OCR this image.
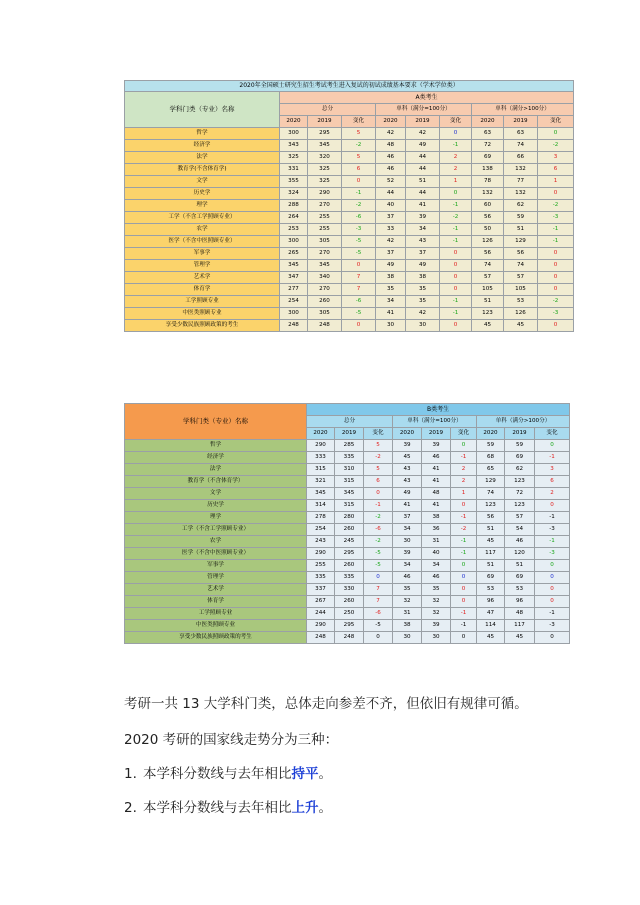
2020年全国硕士研究生招生考试考生进入复试的初试成绩基本要求（学术学位类）									
学科门类（专业）名称	A类考生								
	总分			单科（满分=100分）			单科（满分>100分）		
	2020	2019	变化	2020	2019	变化	2020	2019	变化
哲学	300	295	5	42	42	0	63	63	0
经济学	343	345	-2	48	49	-1	72	74	-2
法学	325	320	5	46	44	2	69	66	3
教育学(不含体育学)	331	325	6	46	44	2	138	132	6
文学	355	325	0	52	51	1	78	77	1
历史学	324	290	-1	44	44	0	132	132	0
理学	288	270	-2	40	41	-1	60	62	-2
工学（不含工学照顾专业）	264	255	-6	37	39	-2	56	59	-3
农学	253	255	-3	33	34	-1	50	51	-1
医学（不含中医照顾专业）	300	305	-5	42	43	-1	126	129	-1
军事学	265	270	-5	37	37	0	56	56	0
管理学	345	345	0	49	49	0	74	74	0
艺术学	347	340	7	38	38	0	57	57	0
体育学	277	270	7	35	35	0	105	105	0
工学照顾专业	254	260	-6	34	35	-1	51	53	-2
中医类照顾专业	300	305	-5	41	42	-1	123	126	-3
享受少数民族照顾政策的考生	248	248	0	30	30	0	45	45	0
学科门类（专业）名称	B类考生								
	总分			单科（满分=100分）			单科（满分>100分）		
	2020	2019	变化	2020	2019	变化	2020	2019	变化
哲学	290	285	5	39	39	0	59	59	0
经济学	333	335	-2	45	46	-1	68	69	-1
法学	315	310	5	43	41	2	65	62	3
教育学（不含体育学）	321	315	6	43	41	2	129	123	6
文学	345	345	0	49	48	1	74	72	2
历史学	314	315	-1	41	41	0	123	123	0
理学	278	280	-2	37	38	-1	56	57	-1
工学（不含工学照顾专业）	254	260	-6	34	36	-2	51	54	-3
农学	243	245	-2	30	31	-1	45	46	-1
医学（不含中医照顾专业）	290	295	-5	39	40	-1	117	120	-3
军事学	255	260	-5	34	34	0	51	51	0
管理学	335	335	0	46	46	0	69	69	0
艺术学	337	330	7	35	35	0	53	53	0
体育学	267	260	7	32	32	0	96	96	0
工学照顾专业	244	250	-6	31	32	-1	47	48	-1
中医类照顾专业	290	295	-5	38	39	-1	114	117	-3
享受少数民族照顾政策的考生	248	248	0	30	30	0	45	45	0
考研一共 13 大学科门类，总体走向参差不齐，但依旧有规律可循。
2020 考研的国家线走势分为三种：
1. 本学科分数线与去年相比持平。
2. 本学科分数线与去年相比上升。
